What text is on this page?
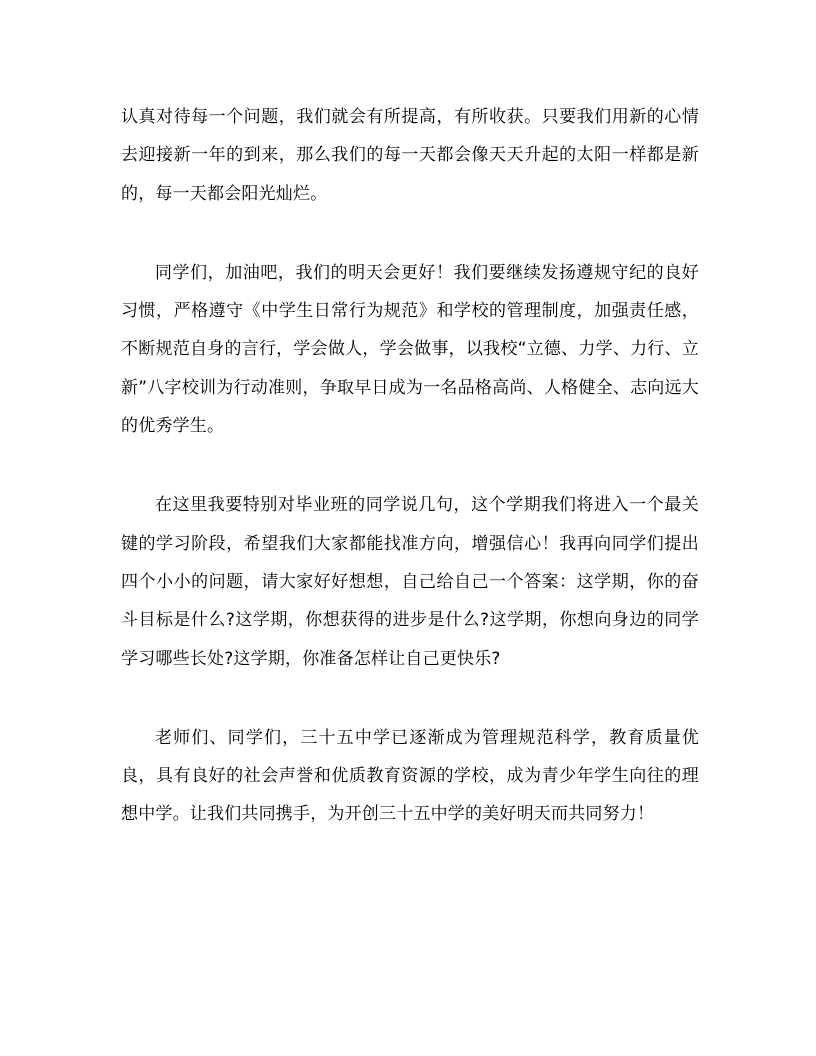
认真对待每一个问题，我们就会有所提高，有所收获。只要我们用新的心情去迎接新一年的到来，那么我们的每一天都会像天天升起的太阳一样都是新的，每一天都会阳光灿烂。

同学们，加油吧，我们的明天会更好！我们要继续发扬遵规守纪的良好习惯，严格遵守《中学生日常行为规范》和学校的管理制度，加强责任感，不断规范自身的言行，学会做人，学会做事，以我校“立德、力学、力行、立新”八字校训为行动准则，争取早日成为一名品格高尚、人格健全、志向远大的优秀学生。

在这里我要特别对毕业班的同学说几句，这个学期我们将进入一个最关键的学习阶段，希望我们大家都能找准方向，增强信心！我再向同学们提出四个小小的问题，请大家好好想想，自己给自己一个答案：这学期，你的奋斗目标是什么?这学期，你想获得的进步是什么?这学期，你想向身边的同学学习哪些长处?这学期，你准备怎样让自己更快乐?

老师们、同学们，三十五中学已逐渐成为管理规范科学，教育质量优良，具有良好的社会声誉和优质教育资源的学校，成为青少年学生向往的理想中学。让我们共同携手，为开创三十五中学的美好明天而共同努力！
